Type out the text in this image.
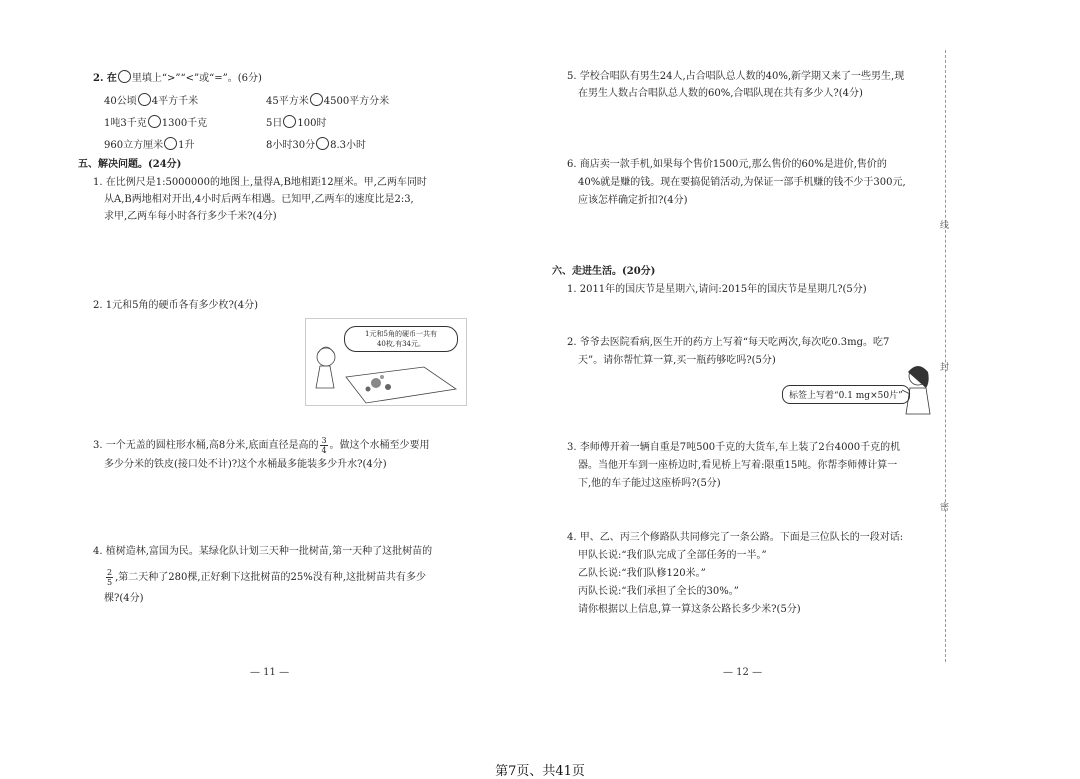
2. 在 里填上“>”“<”或“=”。(6分)
40公顷 4平方千米	45平方米 4500平方分米
1吨3千克 1300千克	5日 100时
960立方厘米 1升	8小时30分 8.3小时
五、解决问题。(24分)
1. 在比例尺是1:5000000的地图上,量得A,B地相距12厘米。甲,乙两车同时
从A,B两地相对开出,4小时后两车相遇。已知甲,乙两车的速度比是2:3,
求甲,乙两车每小时各行多少千米?(4分)
2. 1元和5角的硬币各有多少枚?(4分)
1元和5角的硬币一共有
40枚,有34元。
3. 一个无盖的圆柱形水桶,高8分米,底面直径是高的 $\frac{3}{4}$ 。做这个水桶至少要用
多少分米的铁皮(接口处不计)?这个水桶最多能装多少升水?(4分)
4. 植树造林,富国为民。某绿化队计划三天种一批树苗,第一天种了这批树苗的
$\frac{2}{5}$ ,第二天种了280棵,正好剩下这批树苗的25%没有种,这批树苗共有多少
棵?(4分)
— 11 —
5. 学校合唱队有男生24人,占合唱队总人数的40%,新学期又来了一些男生,现
在男生人数占合唱队总人数的60%,合唱队现在共有多少人?(4分)
6. 商店卖一款手机,如果每个售价1500元,那么售价的60%是进价,售价的
40%就是赚的钱。现在要搞促销活动,为保证一部手机赚的钱不少于300元,
应该怎样确定折扣?(4分)
六、走进生活。(20分)
1. 2011年的国庆节是星期六,请问:2015年的国庆节是星期几?(5分)
2. 爷爷去医院看病,医生开的药方上写着“每天吃两次,每次吃0.3mg。吃7
天”。请你帮忙算一算,买一瓶药够吃吗?(5分)
标签上写着“0.1 mg×50片”
3. 李师傅开着一辆自重是7吨500千克的大货车,车上装了2台4000千克的机
器。当他开车到一座桥边时,看见桥上写着:限重15吨。你帮李师傅计算一
下,他的车子能过这座桥吗?(5分)
4. 甲、乙、丙三个修路队共同修完了一条公路。下面是三位队长的一段对话:
甲队长说:“我们队完成了全部任务的一半。”
乙队长说:“我们队修120米。”
丙队长说:“我们承担了全长的30%。”
请你根据以上信息,算一算这条公路长多少米?(5分)
— 12 —
线
封
密
第7页、共41页
